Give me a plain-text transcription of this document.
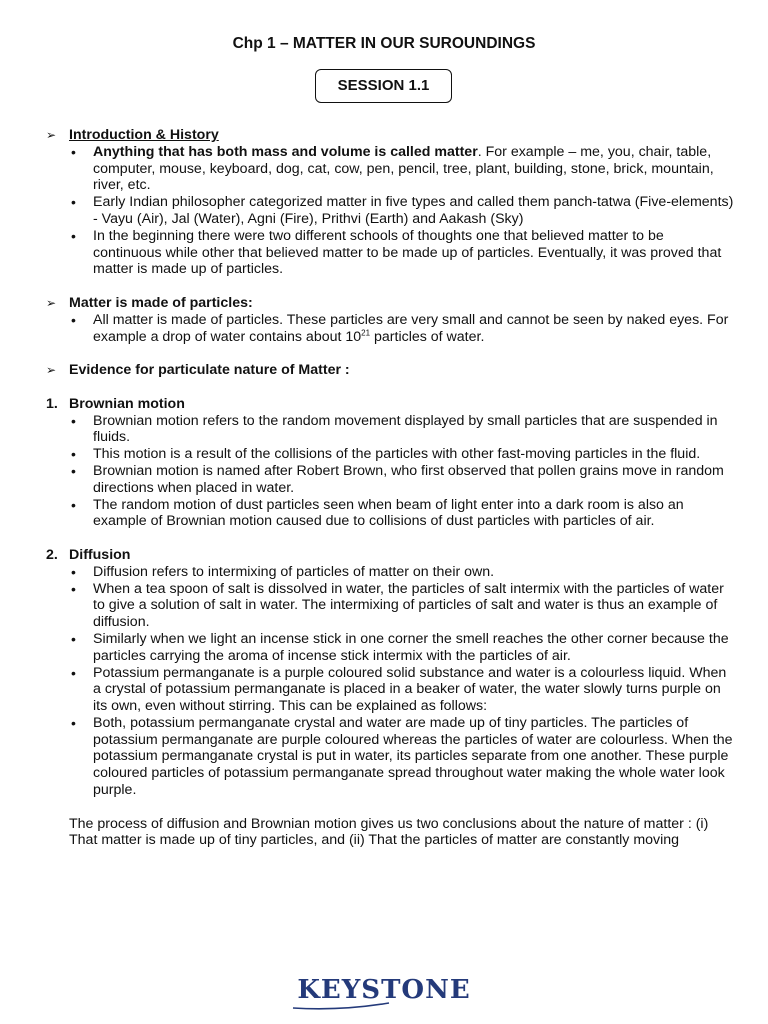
Chp 1 – MATTER IN OUR SUROUNDINGS
SESSION 1.1
➢ Introduction & History
• Anything that has both mass and volume is called matter. For example – me, you, chair, table, computer, mouse, keyboard, dog, cat, cow, pen, pencil, tree, plant, building, stone, brick, mountain, river, etc.
• Early Indian philosopher categorized matter in five types and called them panch-tatwa (Five-elements) - Vayu (Air), Jal (Water), Agni (Fire), Prithvi (Earth) and Aakash (Sky)
• In the beginning there were two different schools of thoughts one that believed matter to be continuous while other that believed matter to be made up of particles. Eventually, it was proved that matter is made up of particles.
➢ Matter is made of particles:
• All matter is made of particles. These particles are very small and cannot be seen by naked eyes. For example a drop of water contains about $10^{21}$ particles of water.
➢ Evidence for particulate nature of Matter :
1. Brownian motion
• Brownian motion refers to the random movement displayed by small particles that are suspended in fluids.
• This motion is a result of the collisions of the particles with other fast-moving particles in the fluid.
• Brownian motion is named after Robert Brown, who first observed that pollen grains move in random directions when placed in water.
• The random motion of dust particles seen when beam of light enter into a dark room is also an example of Brownian motion caused due to collisions of dust particles with particles of air.
2. Diffusion
• Diffusion refers to intermixing of particles of matter on their own.
• When a tea spoon of salt is dissolved in water, the particles of salt intermix with the particles of water to give a solution of salt in water. The intermixing of particles of salt and water is thus an example of diffusion.
• Similarly when we light an incense stick in one corner the smell reaches the other corner because the particles carrying the aroma of incense stick intermix with the particles of air.
• Potassium permanganate is a purple coloured solid substance and water is a colourless liquid. When a crystal of potassium permanganate is placed in a beaker of water, the water slowly turns purple on its own, even without stirring. This can be explained as follows:
• Both, potassium permanganate crystal and water are made up of tiny particles. The particles of potassium permanganate are purple coloured whereas the particles of water are colourless. When the potassium permanganate crystal is put in water, its particles separate from one another. These purple coloured particles of potassium permanganate spread throughout water making the whole water look purple.
The process of diffusion and Brownian motion gives us two conclusions about the nature of matter : (i) That matter is made up of tiny particles, and (ii) That the particles of matter are constantly moving
KEYSTONE
